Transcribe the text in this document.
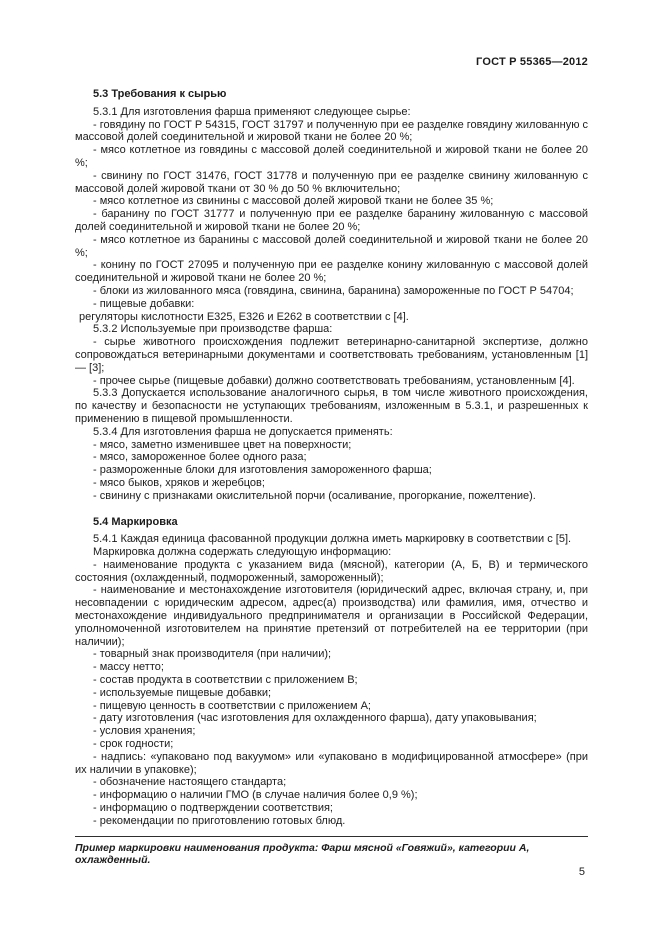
ГОСТ Р 55365—2012

5.3 Требования к сырью

5.3.1 Для изготовления фарша применяют следующее сырье:

- говядину по ГОСТ Р 54315, ГОСТ 31797 и полученную при ее разделке говядину жилованную с массовой долей соединительной и жировой ткани не более 20 %;

- мясо котлетное из говядины с массовой долей соединительной и жировой ткани не более 20 %;

- свинину по ГОСТ 31476, ГОСТ 31778 и полученную при ее разделке свинину жилованную с массовой долей жировой ткани от 30 % до 50 % включительно;

- мясо котлетное из свинины с массовой долей жировой ткани не более 35 %;

- баранину по ГОСТ 31777 и полученную при ее разделке баранину жилованную с массовой долей соединительной и жировой ткани не более 20 %;

- мясо котлетное из баранины с массовой долей соединительной и жировой ткани не более 20 %;

- конину по ГОСТ 27095 и полученную при ее разделке конину жилованную с массовой долей соединительной и жировой ткани не более 20 %;

- блоки из жилованного мяса (говядина, свинина, баранина) замороженные по ГОСТ Р 54704;

- пищевые добавки:

регуляторы кислотности Е325, Е326 и Е262 в соответствии с [4].

5.3.2 Используемые при производстве фарша:

- сырье животного происхождения подлежит ветеринарно-санитарной экспертизе, должно сопровождаться ветеринарными документами и соответствовать требованиям, установленным [1] — [3];

- прочее сырье (пищевые добавки) должно соответствовать требованиям, установленным [4].

5.3.3 Допускается использование аналогичного сырья, в том числе животного происхождения, по качеству и безопасности не уступающих требованиям, изложенным в 5.3.1, и разрешенных к применению в пищевой промышленности.

5.3.4 Для изготовления фарша не допускается применять:

- мясо, заметно изменившее цвет на поверхности;

- мясо, замороженное более одного раза;

- размороженные блоки для изготовления замороженного фарша;

- мясо быков, хряков и жеребцов;

- свинину с признаками окислительной порчи (осаливание, прогоркание, пожелтение).

5.4 Маркировка

5.4.1 Каждая единица фасованной продукции должна иметь маркировку в соответствии с [5].

Маркировка должна содержать следующую информацию:

- наименование продукта с указанием вида (мясной), категории (А, Б, В) и термического состояния (охлажденный, подмороженный, замороженный);

- наименование и местонахождение изготовителя (юридический адрес, включая страну, и, при несовпадении с юридическим адресом, адрес(а) производства) или фамилия, имя, отчество и местонахождение индивидуального предпринимателя и организации в Российской Федерации, уполномоченной изготовителем на принятие претензий от потребителей на ее территории (при наличии);

- товарный знак производителя (при наличии);

- массу нетто;

- состав продукта в соответствии с приложением В;

- используемые пищевые добавки;

- пищевую ценность в соответствии с приложением А;

- дату изготовления (час изготовления для охлажденного фарша), дату упаковывания;

- условия хранения;

- срок годности;

- надпись: «упаковано под вакуумом» или «упаковано в модифицированной атмосфере» (при их наличии в упаковке);

- обозначение настоящего стандарта;

- информацию о наличии ГМО (в случае наличия более 0,9 %);

- информацию о подтверждении соответствия;

- рекомендации по приготовлению готовых блюд.

Пример маркировки наименования продукта: Фарш мясной «Говяжий», категории А, охлажденный.

5
